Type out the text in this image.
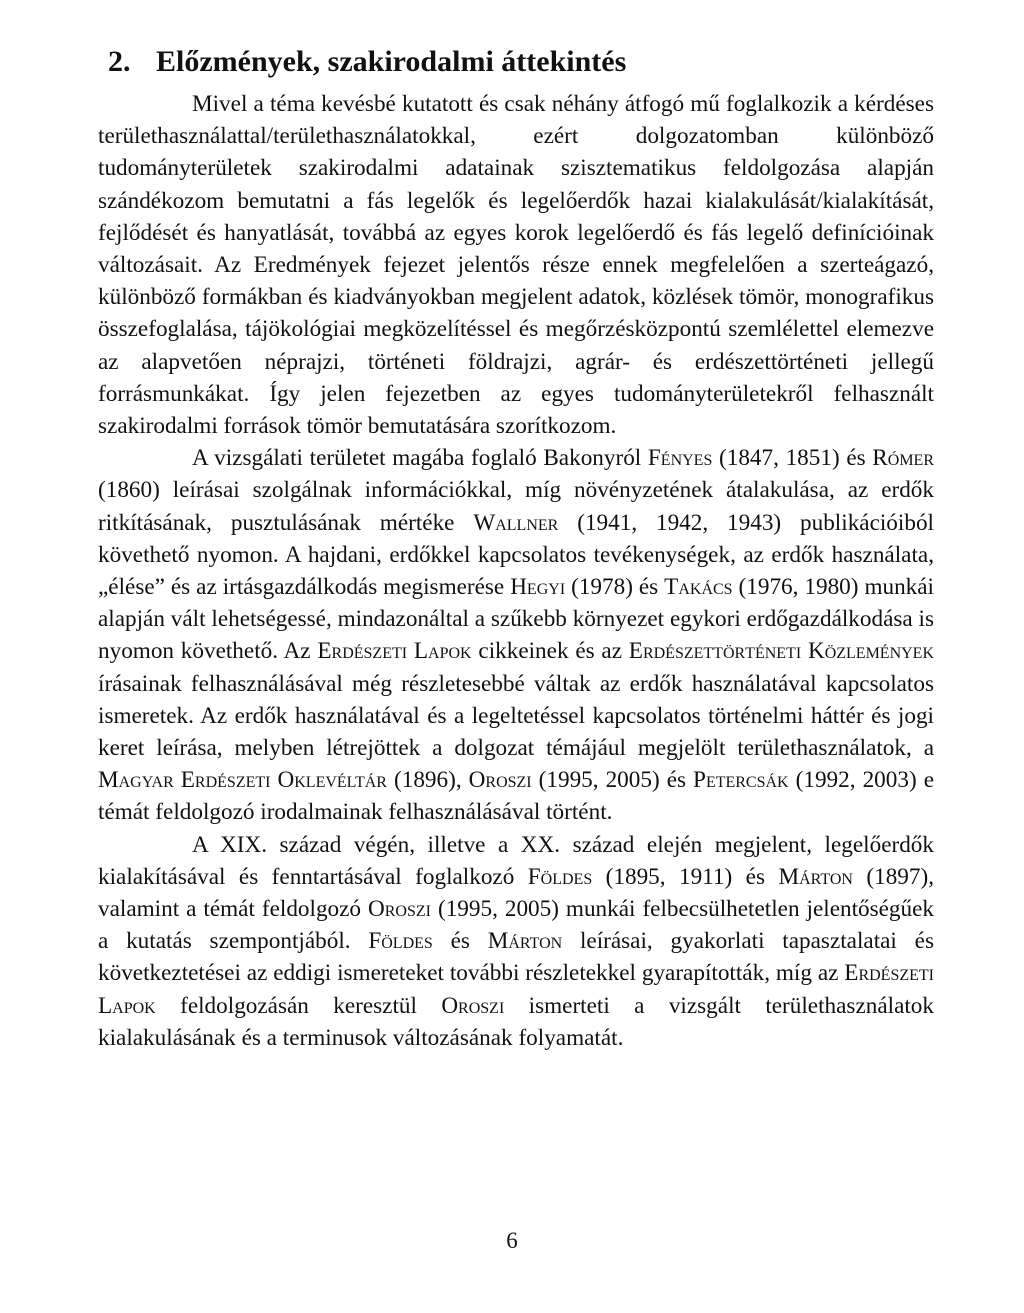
2. Előzmények, szakirodalmi áttekintés

Mivel a téma kevésbé kutatott és csak néhány átfogó mű foglalkozik a kérdéses területhasználattal/területhasználatokkal, ezért dolgozatomban különböző tudományterületek szakirodalmi adatainak szisztematikus feldolgozása alapján szándékozom bemutatni a fás legelők és legelőerdők hazai kialakulását/kialakítását, fejlődését és hanyatlását, továbbá az egyes korok legelőerdő és fás legelő definícióinak változásait. Az Eredmények fejezet jelentős része ennek megfelelően a szerteágazó, különböző formákban és kiadványokban megjelent adatok, közlések tömör, monografikus összefoglalása, tájökológiai megközelítéssel és megőrzésközpontú szemlélettel elemezve az alapvetően néprajzi, történeti földrajzi, agrár- és erdészettörténeti jellegű forrásmunkákat. Így jelen fejezetben az egyes tudományterületekről felhasznált szakirodalmi források tömör bemutatására szorítkozom.

A vizsgálati területet magába foglaló Bakonyról Fényes (1847, 1851) és Rómer (1860) leírásai szolgálnak információkkal, míg növényzetének átalakulása, az erdők ritkításának, pusztulásának mértéke Wallner (1941, 1942, 1943) publikációiból követhető nyomon. A hajdani, erdőkkel kapcsolatos tevékenységek, az erdők használata, „élése” és az irtásgazdálkodás megismerése Hegyi (1978) és Takács (1976, 1980) munkái alapján vált lehetségessé, mindazonáltal a szűkebb környezet egykori erdőgazdálkodása is nyomon követhető. Az Erdészeti Lapok cikkeinek és az Erdészettörténeti Közlemények írásainak felhasználásával még részletesebbé váltak az erdők használatával kapcsolatos ismeretek. Az erdők használatával és a legeltetéssel kapcsolatos történelmi háttér és jogi keret leírása, melyben létrejöttek a dolgozat témájául megjelölt területhasználatok, a Magyar Erdészeti Oklevéltár (1896), Oroszi (1995, 2005) és Petercsák (1992, 2003) e témát feldolgozó irodalmainak felhasználásával történt.

A XIX. század végén, illetve a XX. század elején megjelent, legelőerdők kialakításával és fenntartásával foglalkozó Földes (1895, 1911) és Márton (1897), valamint a témát feldolgozó Oroszi (1995, 2005) munkái felbecsülhetetlen jelentőségűek a kutatás szempontjából. Földes és Márton leírásai, gyakorlati tapasztalatai és következtetései az eddigi ismereteket további részletekkel gyarapították, míg az Erdészeti Lapok feldolgozásán keresztül Oroszi ismerteti a vizsgált területhasználatok kialakulásának és a terminusok változásának folyamatát.

6
